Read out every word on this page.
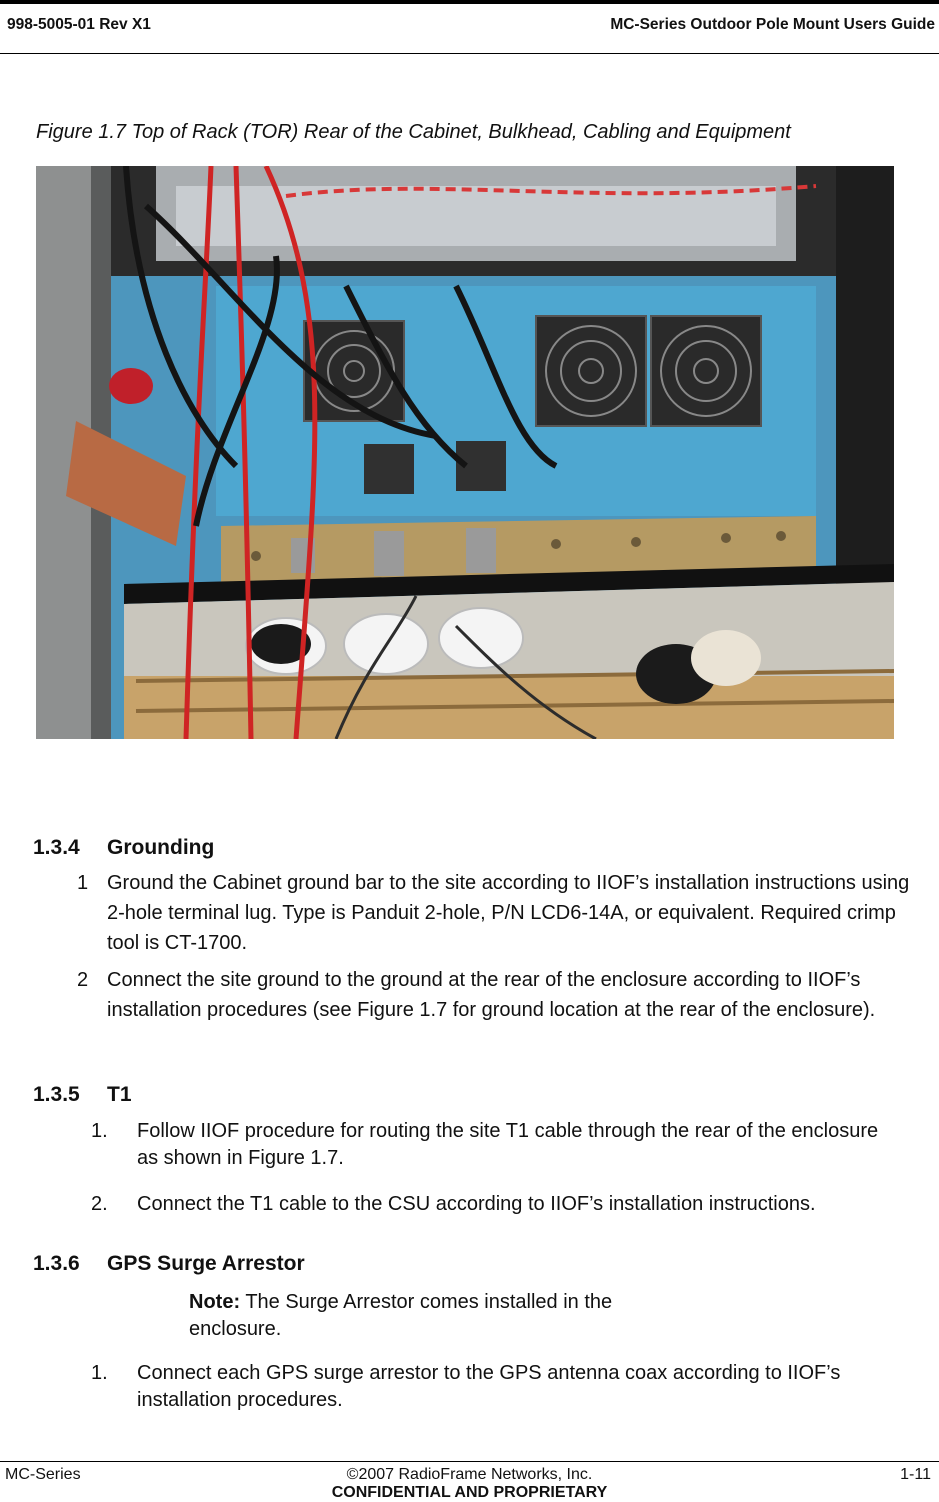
998-5005-01 Rev X1	MC-Series Outdoor Pole Mount Users Guide
Figure 1.7 Top of Rack (TOR) Rear of the Cabinet, Bulkhead, Cabling and Equipment
1.3.4 Grounding
1 Ground the Cabinet ground bar to the site according to IIOF’s installation instructions using 2-hole terminal lug. Type is Panduit 2-hole, P/N LCD6-14A, or equivalent. Required crimp tool is CT-1700.
2 Connect the site ground to the ground at the rear of the enclosure according to IIOF’s installation procedures (see Figure 1.7 for ground location at the rear of the enclosure).
1.3.5 T1
1. Follow IIOF procedure for routing the site T1 cable through the rear of the enclosure as shown in Figure 1.7.
2. Connect the T1 cable to the CSU according to IIOF’s installation instructions.
1.3.6 GPS Surge Arrestor
Note: The Surge Arrestor comes installed in the enclosure.
1. Connect each GPS surge arrestor to the GPS antenna coax according to IIOF’s installation procedures.
MC-Series	©2007 RadioFrame Networks, Inc.
CONFIDENTIAL AND PROPRIETARY
1-11
